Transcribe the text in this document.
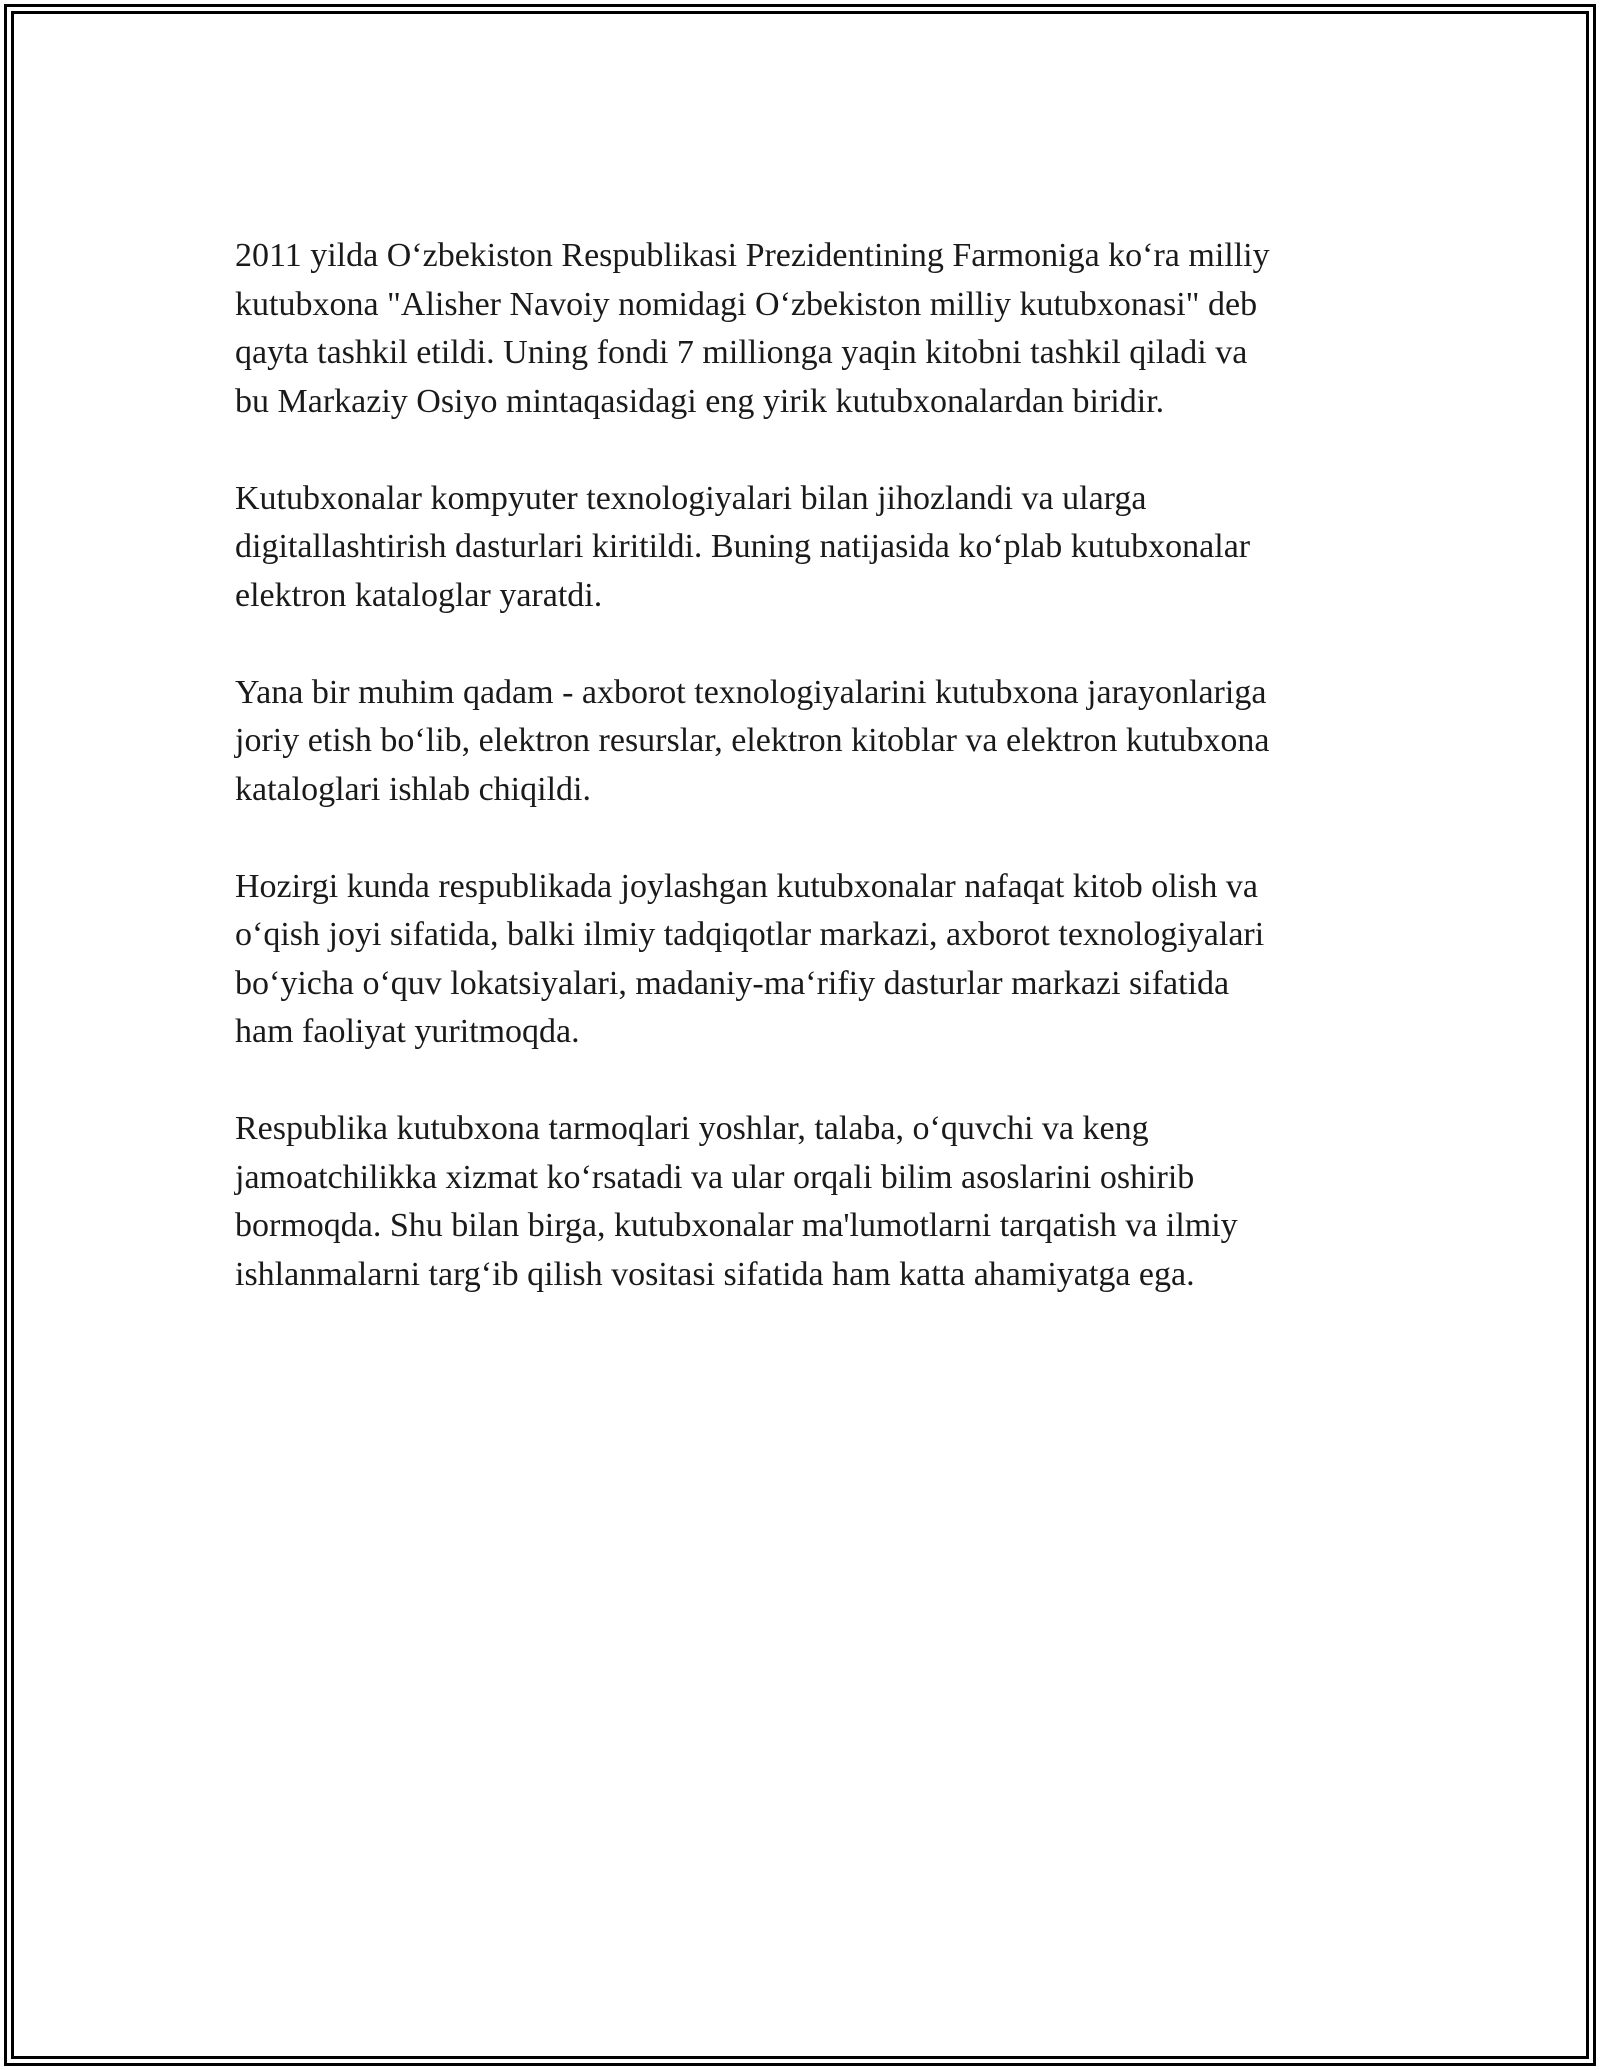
2011 yilda O‘zbekiston Respublikasi Prezidentining Farmoniga ko‘ra milliy
kutubxona "Alisher Navoiy nomidagi O‘zbekiston milliy kutubxonasi" deb
qayta tashkil etildi. Uning fondi 7 millionga yaqin kitobni tashkil qiladi va
bu Markaziy Osiyo mintaqasidagi eng yirik kutubxonalardan biridir.

Kutubxonalar kompyuter texnologiyalari bilan jihozlandi va ularga
digitallashtirish dasturlari kiritildi. Buning natijasida ko‘plab kutubxonalar
elektron kataloglar yaratdi.

Yana bir muhim qadam - axborot texnologiyalarini kutubxona jarayonlariga
joriy etish bo‘lib, elektron resurslar, elektron kitoblar va elektron kutubxona
kataloglari ishlab chiqildi.

Hozirgi kunda respublikada joylashgan kutubxonalar nafaqat kitob olish va
o‘qish joyi sifatida, balki ilmiy tadqiqotlar markazi, axborot texnologiyalari
bo‘yicha o‘quv lokatsiyalari, madaniy-ma‘rifiy dasturlar markazi sifatida
ham faoliyat yuritmoqda.

Respublika kutubxona tarmoqlari yoshlar, talaba, o‘quvchi va keng
jamoatchilikka xizmat ko‘rsatadi va ular orqali bilim asoslarini oshirib
bormoqda. Shu bilan birga, kutubxonalar ma'lumotlarni tarqatish va ilmiy
ishlanmalarni targ‘ib qilish vositasi sifatida ham katta ahamiyatga ega.
